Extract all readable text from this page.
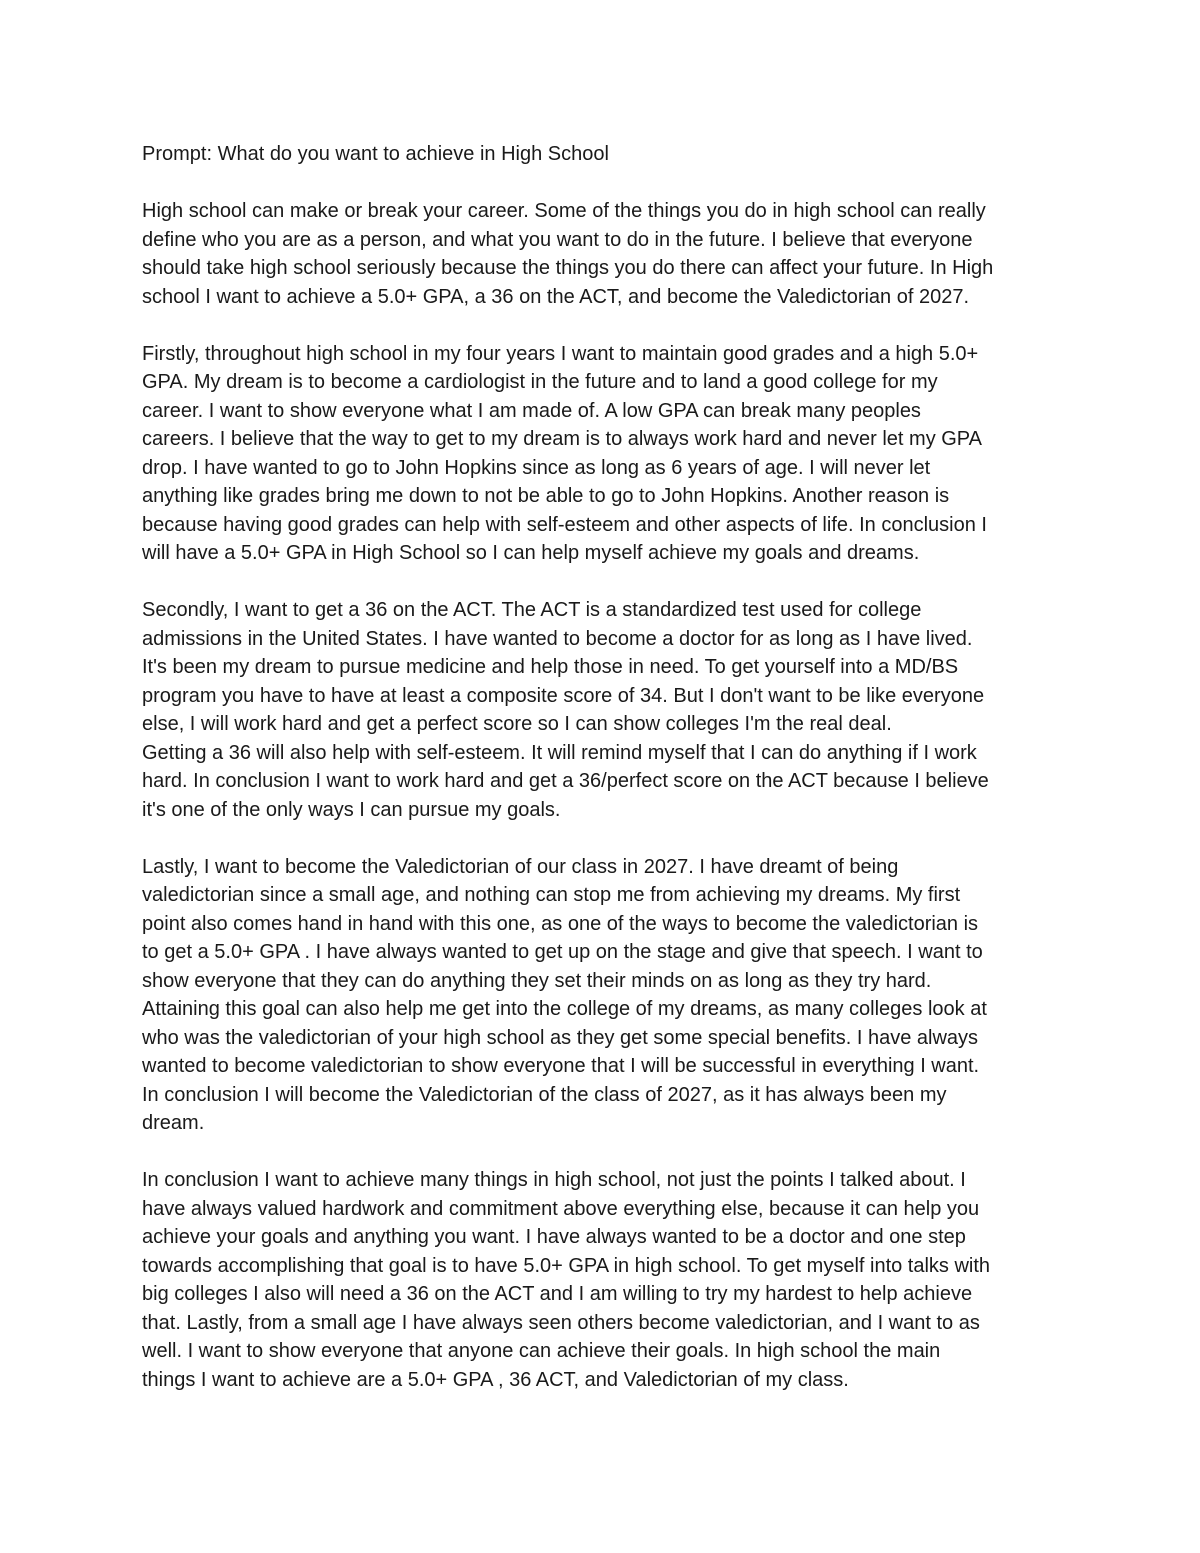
Prompt: What do you want to achieve in High School
High school can make or break your career. Some of the things you do in high school can really
define who you are as a person, and what you want to do in the future. I believe that everyone
should take high school seriously because the things you do there can affect your future. In High
school I want to achieve a 5.0+ GPA, a 36 on the ACT, and become the Valedictorian of 2027.
Firstly, throughout high school in my four years I want to maintain good grades and a high 5.0+
GPA. My dream is to become a cardiologist in the future and to land a good college for my
career. I want to show everyone what I am made of. A low GPA can break many peoples
careers. I believe that the way to get to my dream is to always work hard and never let my GPA
drop. I have wanted to go to John Hopkins since as long as 6 years of age. I will never let
anything like grades bring me down to not be able to go to John Hopkins. Another reason is
because having good grades can help with self-esteem and other aspects of life. In conclusion I
will have a 5.0+ GPA in High School so I can help myself achieve my goals and dreams.
Secondly, I want to get a 36 on the ACT. The ACT is a standardized test used for college
admissions in the United States. I have wanted to become a doctor for as long as I have lived.
It's been my dream to pursue medicine and help those in need. To get yourself into a MD/BS
program you have to have at least a composite score of 34. But I don't want to be like everyone
else, I will work hard and get a perfect score so I can show colleges I'm the real deal.
Getting a 36 will also help with self-esteem. It will remind myself that I can do anything if I work
hard. In conclusion I want to work hard and get a 36/perfect score on the ACT because I believe
it's one of the only ways I can pursue my goals.
Lastly, I want to become the Valedictorian of our class in 2027. I have dreamt of being
valedictorian since a small age, and nothing can stop me from achieving my dreams. My first
point also comes hand in hand with this one, as one of the ways to become the valedictorian is
to get a 5.0+ GPA . I have always wanted to get up on the stage and give that speech. I want to
show everyone that they can do anything they set their minds on as long as they try hard.
Attaining this goal can also help me get into the college of my dreams, as many colleges look at
who was the valedictorian of your high school as they get some special benefits. I have always
wanted to become valedictorian to show everyone that I will be successful in everything I want.
In conclusion I will become the Valedictorian of the class of 2027, as it has always been my
dream.
In conclusion I want to achieve many things in high school, not just the points I talked about. I
have always valued hardwork and commitment above everything else, because it can help you
achieve your goals and anything you want. I have always wanted to be a doctor and one step
towards accomplishing that goal is to have 5.0+ GPA in high school. To get myself into talks with
big colleges I also will need a 36 on the ACT and I am willing to try my hardest to help achieve
that. Lastly, from a small age I have always seen others become valedictorian, and I want to as
well. I want to show everyone that anyone can achieve their goals. In high school the main
things I want to achieve are a 5.0+ GPA , 36 ACT, and Valedictorian of my class.
